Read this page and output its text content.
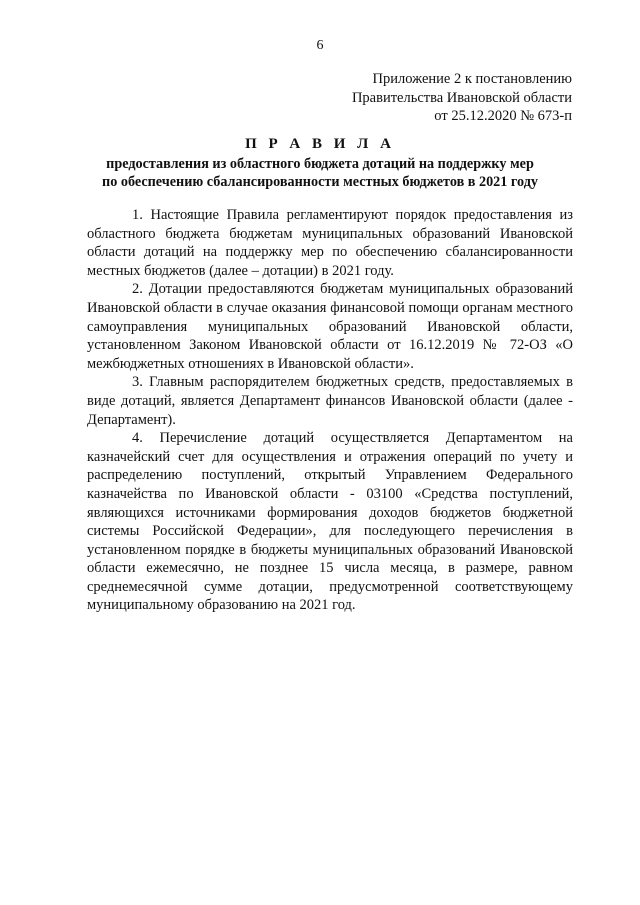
6
Приложение 2 к постановлению
Правительства Ивановской области
от 25.12.2020 № 673-п
П Р А В И Л А
предоставления из областного бюджета дотаций на поддержку мер
по обеспечению сбалансированности местных бюджетов в 2021 году

1. Настоящие Правила регламентируют порядок предоставления из областного бюджета бюджетам муниципальных образований Ивановской области дотаций на поддержку мер по обеспечению сбалансированности местных бюджетов (далее – дотации) в 2021 году.

2. Дотации предоставляются бюджетам муниципальных образований Ивановской области в случае оказания финансовой помощи органам местного самоуправления муниципальных образований Ивановской области, установленном Законом Ивановской области от 16.12.2019 № 72-ОЗ «О межбюджетных отношениях в Ивановской области».

3. Главным распорядителем бюджетных средств, предоставляемых в виде дотаций, является Департамент финансов Ивановской области (далее - Департамент).

4. Перечисление дотаций осуществляется Департаментом на казначейский счет для осуществления и отражения операций по учету и распределению поступлений, открытый Управлением Федерального казначейства по Ивановской области - 03100 «Средства поступлений, являющихся источниками формирования доходов бюджетов бюджетной системы Российской Федерации», для последующего перечисления в установленном порядке в бюджеты муниципальных образований Ивановской области ежемесячно, не позднее 15 числа месяца, в размере, равном среднемесячной сумме дотации, предусмотренной соответствующему муниципальному образованию на 2021 год.
